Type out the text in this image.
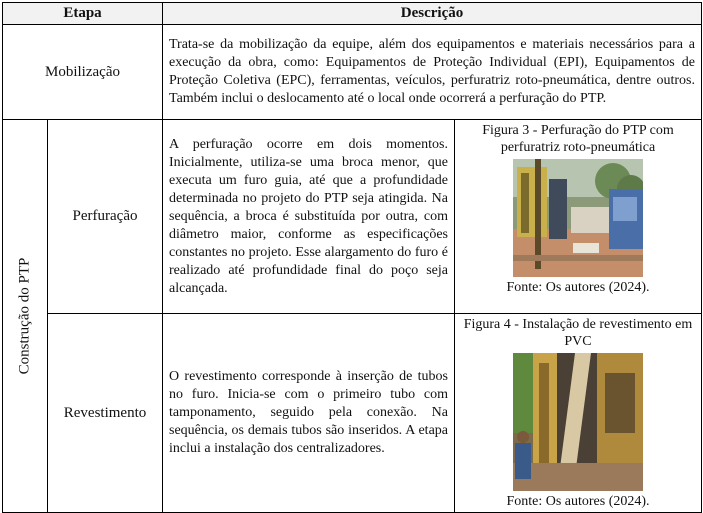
Etapa		Descrição	
Mobilização		Trata-se da mobilização da equipe, além dos equipamentos e materiais necessários para a execução da obra, como: Equipamentos de Proteção Individual (EPI), Equipamentos de Proteção Coletiva (EPC), ferramentas, veículos, perfuratriz roto-pneumática, dentre outros. Também inclui o deslocamento até o local onde ocorrerá a perfuração do PTP.	

Construção do PTP	Perfuração	A perfuração ocorre em dois momentos. Inicialmente, utiliza-se uma broca menor, que executa um furo guia, até que a profundidade determinada no projeto do PTP seja atingida. Na sequência, a broca é substituída por outra, com diâmetro maior, conforme as especificações constantes no projeto. Esse alargamento do furo é realizado até profundidade final do poço seja alcançada.	Figura 3 - Perfuração do PTP com perfuratriz roto-pneumática
Fonte: Os autores (2024).

	Revestimento	O revestimento corresponde à inserção de tubos no furo. Inicia-se com o primeiro tubo com tamponamento, seguido pela conexão. Na sequência, os demais tubos são inseridos. A etapa inclui a instalação dos centralizadores.	Figura 4 - Instalação de revestimento em PVC
Fonte: Os autores (2024).
